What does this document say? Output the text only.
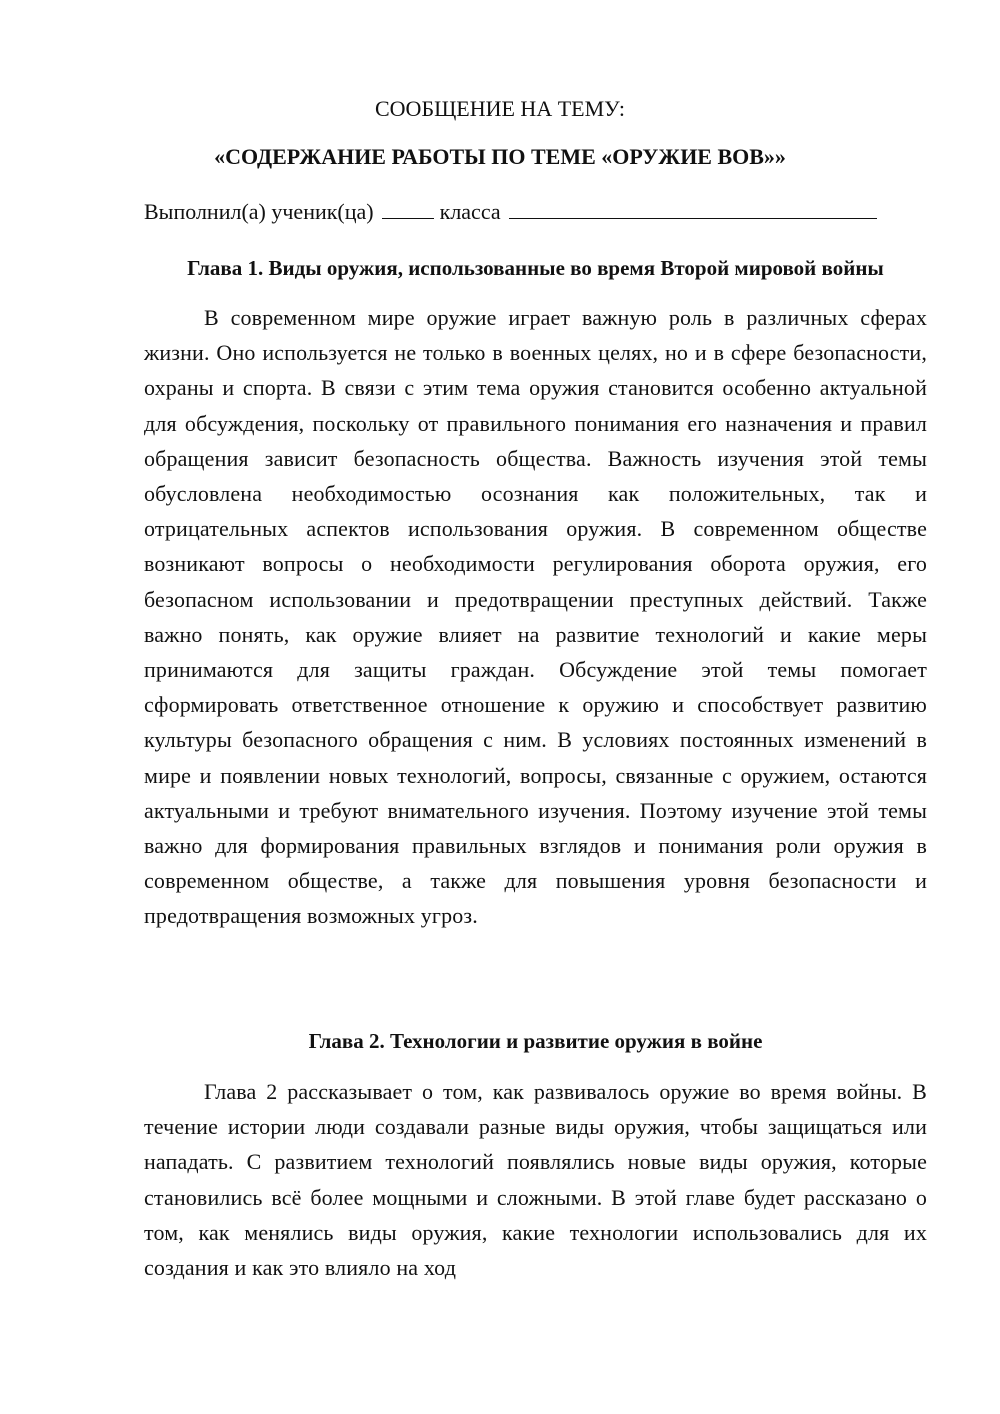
СООБЩЕНИЕ НА ТЕМУ:
«СОДЕРЖАНИЕ РАБОТЫ ПО ТЕМЕ «ОРУЖИЕ ВОВ»»
Выполнил(а) ученик(ца)	класса
Глава 1. Виды оружия, использованные во время Второй мировой войны

В современном мире оружие играет важную роль в различных сферах жизни. Оно используется не только в военных целях, но и в сфере безопасности, охраны и спорта. В связи с этим тема оружия становится особенно актуальной для обсуждения, поскольку от правильного понимания его назначения и правил обращения зависит безопасность общества. Важность изучения этой темы обусловлена необходимостью осознания как положительных, так и отрицательных аспектов использования оружия. В современном обществе возникают вопросы о необходимости регулирования оборота оружия, его безопасном использовании и предотвращении преступных действий. Также важно понять, как оружие влияет на развитие технологий и какие меры принимаются для защиты граждан. Обсуждение этой темы помогает сформировать ответственное отношение к оружию и способствует развитию культуры безопасного обращения с ним. В условиях постоянных изменений в мире и появлении новых технологий, вопросы, связанные с оружием, остаются актуальными и требуют внимательного изучения. Поэтому изучение этой темы важно для формирования правильных взглядов и понимания роли оружия в современном обществе, а также для повышения уровня безопасности и предотвращения возможных угроз.

Глава 2. Технологии и развитие оружия в войне

Глава 2 рассказывает о том, как развивалось оружие во время войны. В течение истории люди создавали разные виды оружия, чтобы защищаться или нападать. С развитием технологий появлялись новые виды оружия, которые становились всё более мощными и сложными. В этой главе будет рассказано о том, как менялись виды оружия, какие технологии использовались для их создания и как это влияло на ход
